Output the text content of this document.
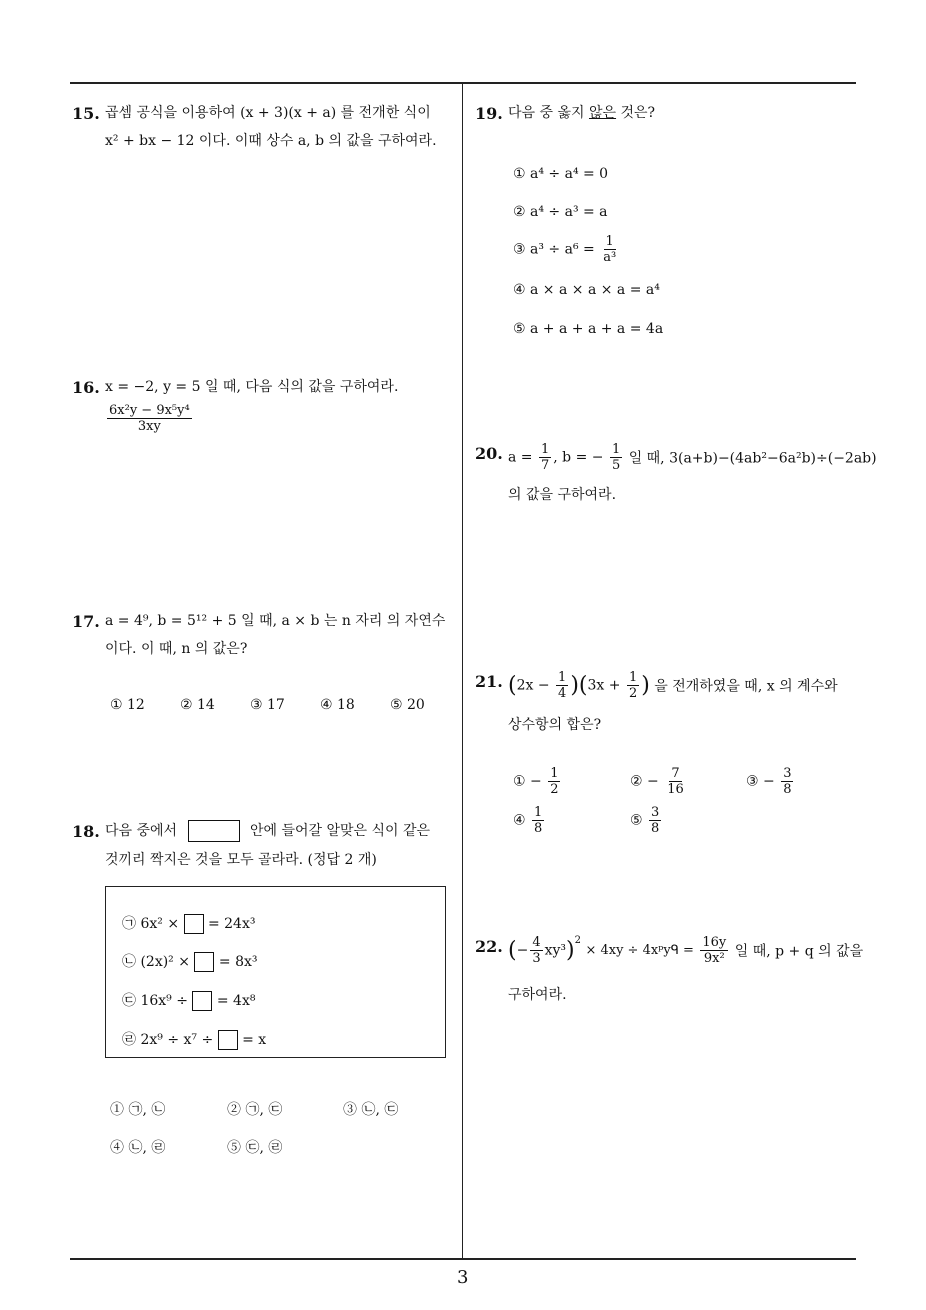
15. 곱셈 공식을 이용하여 (x + 3)(x + a) 를 전개한 식이
x² + bx − 12 이다. 이때 상수 a, b 의 값을 구하여라.
16. x = −2, y = 5 일 때, 다음 식의 값을 구하여라.
$\frac{\text{6x²y − 9x⁵y⁴}}{3xy}$
17. a = 4⁹, b = 5¹² + 5 일 때, a × b 는 n 자리 의 자연수
이다. 이 때, n 의 값은?
① 12	② 14	③ 17	④ 18	⑤ 20
18. 다음 중에서	안에 들어갈 알맞은 식이 같은
것끼리 짝지은 것을 모두 골라라. (정답 2 개)
㉠ 6x² × = 24x³
㉡ (2x)² × = 8x³
㉢ 16x⁹ ÷ = 4x⁸
㉣ 2x⁹ ÷ x⁷ ÷ = x
① ㉠, ㉡	② ㉠, ㉢	③ ㉡, ㉢
④ ㉡, ㉣	⑤ ㉢, ㉣
19. 다음 중 옳지 않은 것은?
① a⁴ ÷ a⁴ = 0
② a⁴ ÷ a³ = a
③ $a^3 \div a^6 = \frac{1}{\text{a³}}$
④ a × a × a × a = a⁴
⑤ a + a + a + a = 4a
20. $a = \frac{1}{7}$ , b = − $\frac{1}{5}$ 일 때, 3(a+b)−(4ab²−6a²b)÷(−2ab)
의 값을 구하여라.
21. $(2x - \frac{1}{4} )(3x + \frac{1}{2}$ ) 을 전개하였을 때, x 의 계수와
상수항의 합은?
① − $\frac{1}{2}$	② − $\frac{7}{16}$	③ − $\frac{3}{8}$
④ $\frac{1}{8}$	⑤ $\frac{3}{8}$
22. (− $\frac{4}{3} xy^3)^2 \times 4xy$ ÷ 4xᵖyᑫ = $\frac{16y}{\text{9x²}}$ 일 때, p + q 의 값을
구하여라.
3
